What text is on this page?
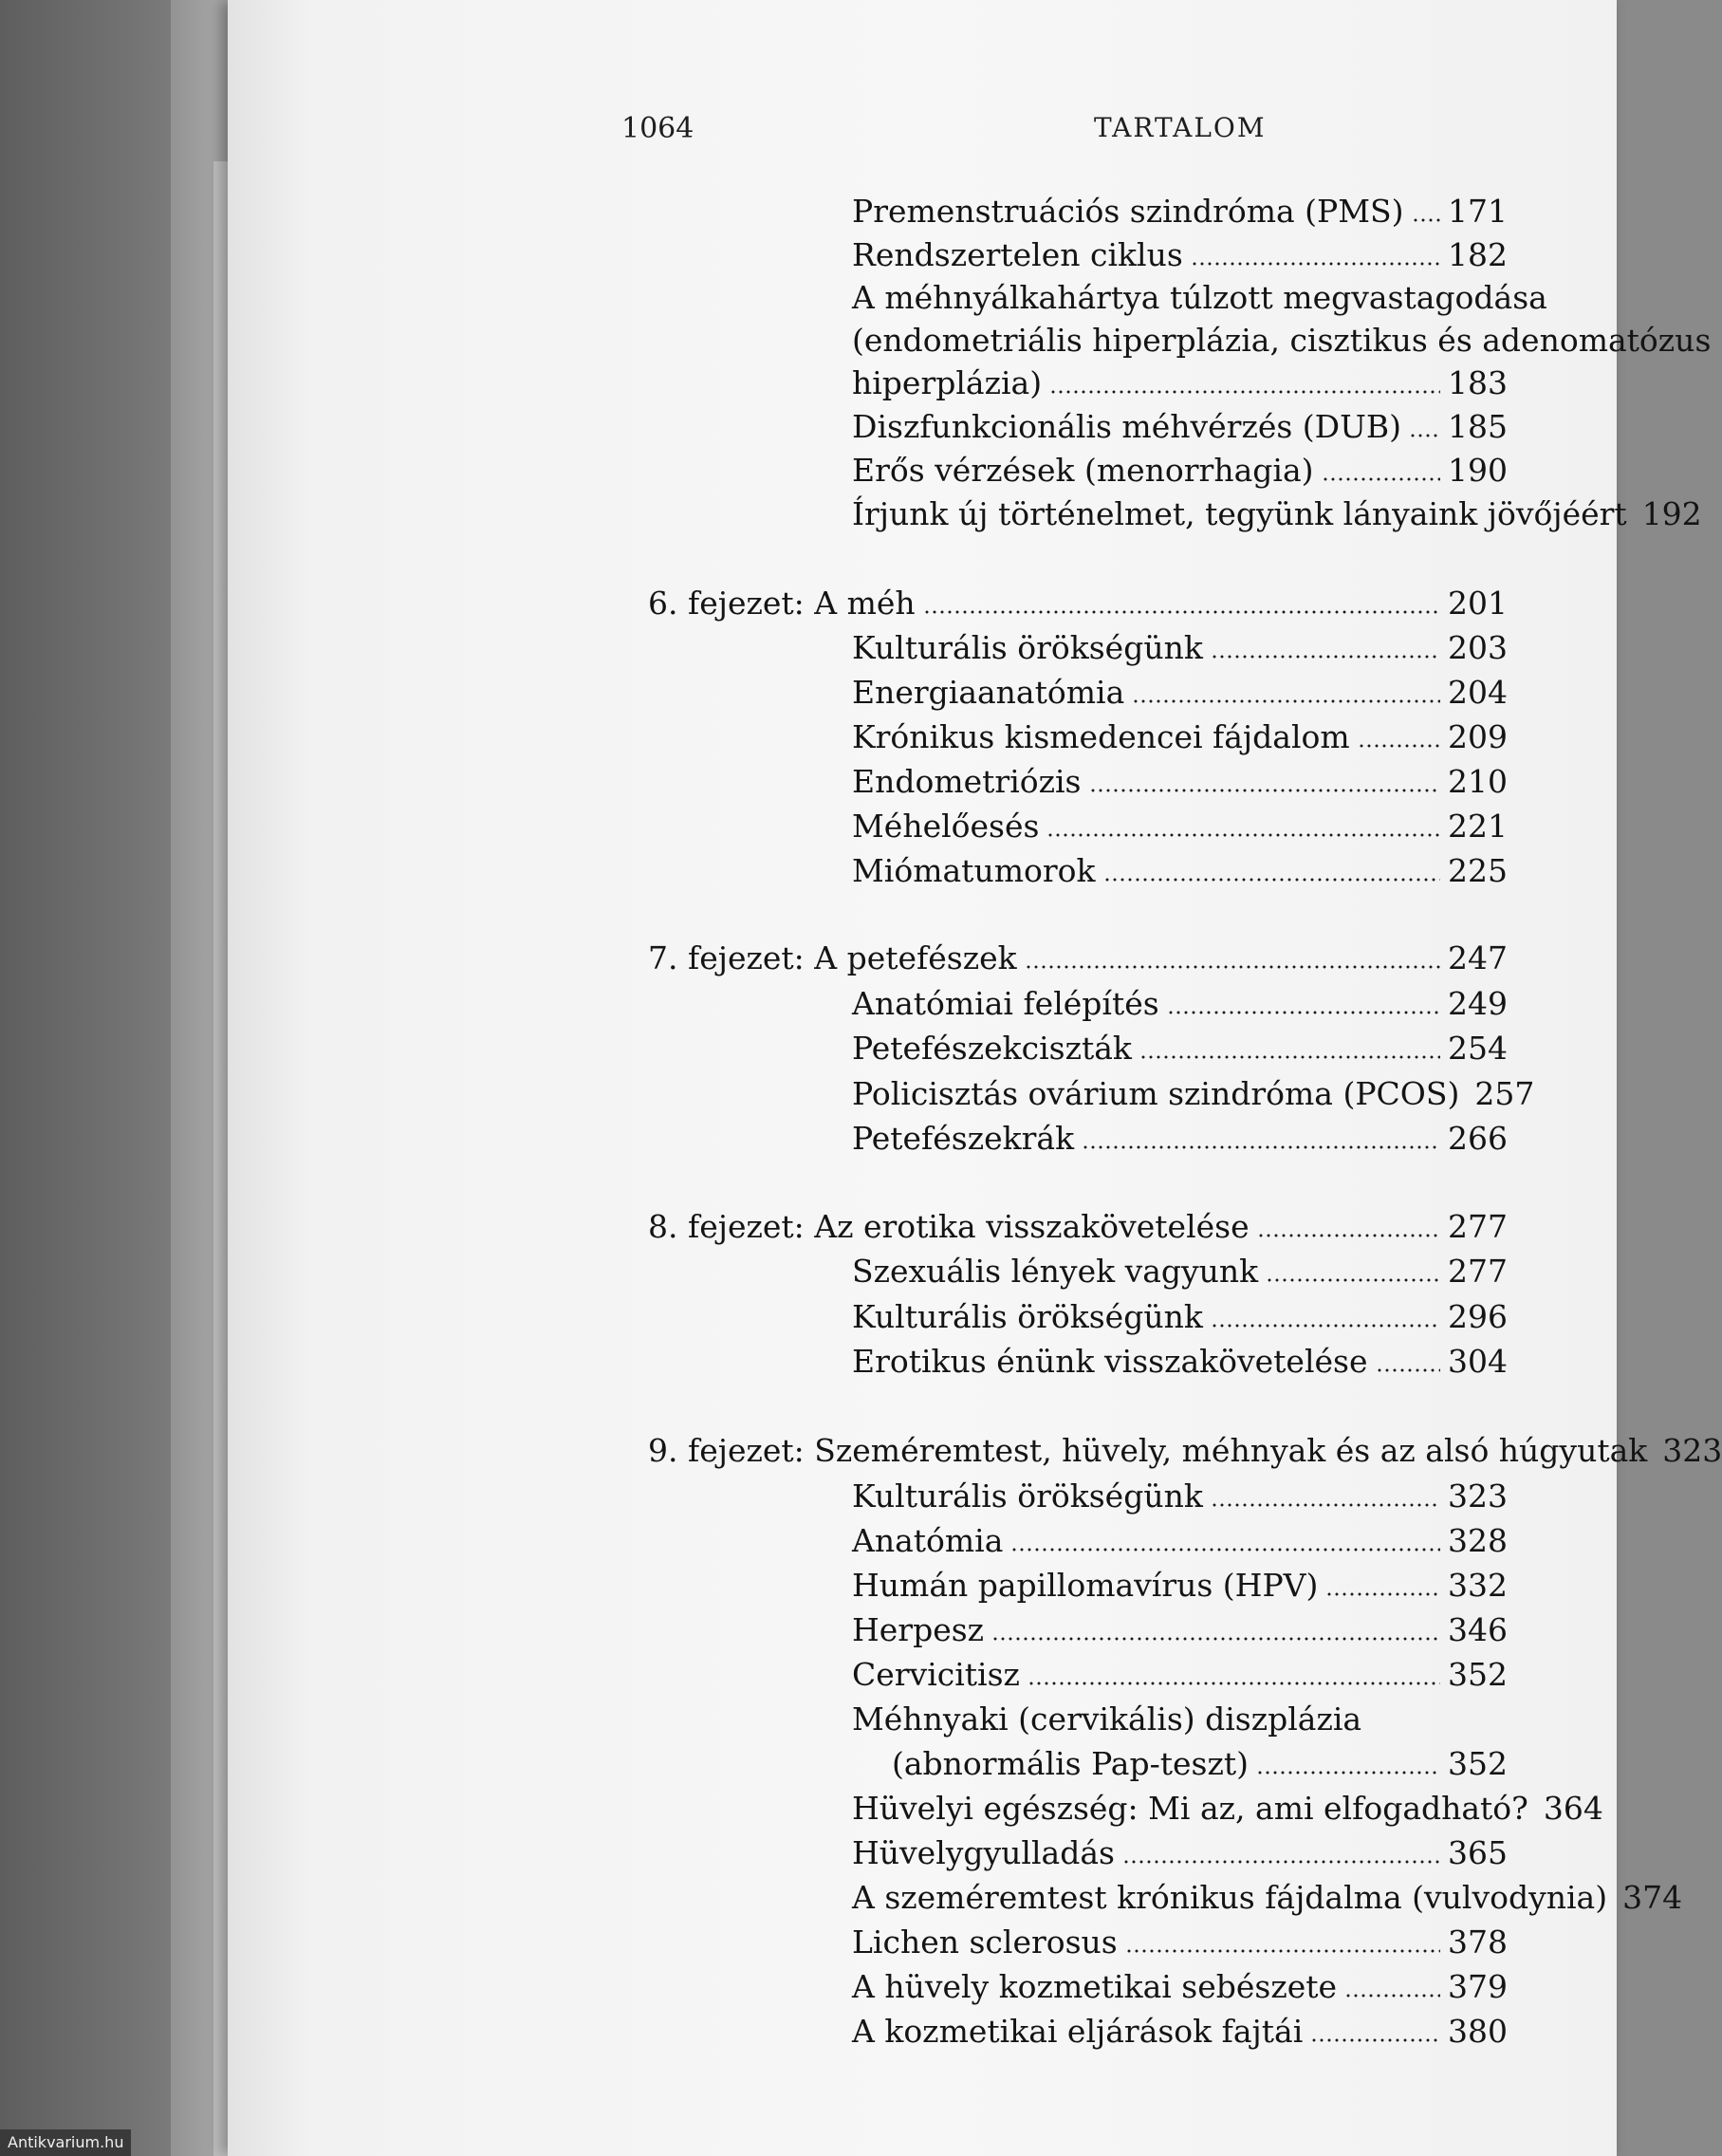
1064	TARTALOM
Premenstruációs szindróma (PMS) 171
Rendszertelen ciklus	182
A méhnyálkahártya túlzott megvastagodása
(endometriális hiperplázia, cisztikus és adenomatózus
hiperplázia)	183
Diszfunkcionális méhvérzés (DUB) 185
Erős vérzések (menorrhagia)	190
Írjunk új történelmet, tegyünk lányaink jövőjéért 192
6. fejezet: A méh	201
Kulturális örökségünk	203
Energiaanatómia	204
Krónikus kismedencei fájdalom	209
Endometriózis	210
Méhelőesés	221
Miómatumorok	225
7. fejezet: A petefészek	247
Anatómiai felépítés	249
Petefészekciszták	254
Policisztás ovárium szindróma (PCOS) 257
Petefészekrák	266
8. fejezet: Az erotika visszakövetelése	277
Szexuális lények vagyunk	277
Kulturális örökségünk	296
Erotikus énünk visszakövetelése	304
9. fejezet: Szeméremtest, hüvely, méhnyak és az alsó húgyutak 323
Kulturális örökségünk	323
Anatómia	328
Humán papillomavírus (HPV)	332
Herpesz	346
Cervicitisz	352
Méhnyaki (cervikális) diszplázia
(abnormális Pap-teszt)	352
Hüvelyi egészség: Mi az, ami elfogadható? 364
Hüvelygyulladás	365
A szeméremtest krónikus fájdalma (vulvodynia) 374
Lichen sclerosus	378
A hüvely kozmetikai sebészete	379
A kozmetikai eljárások fajtái	380
Antikvarium.hu
